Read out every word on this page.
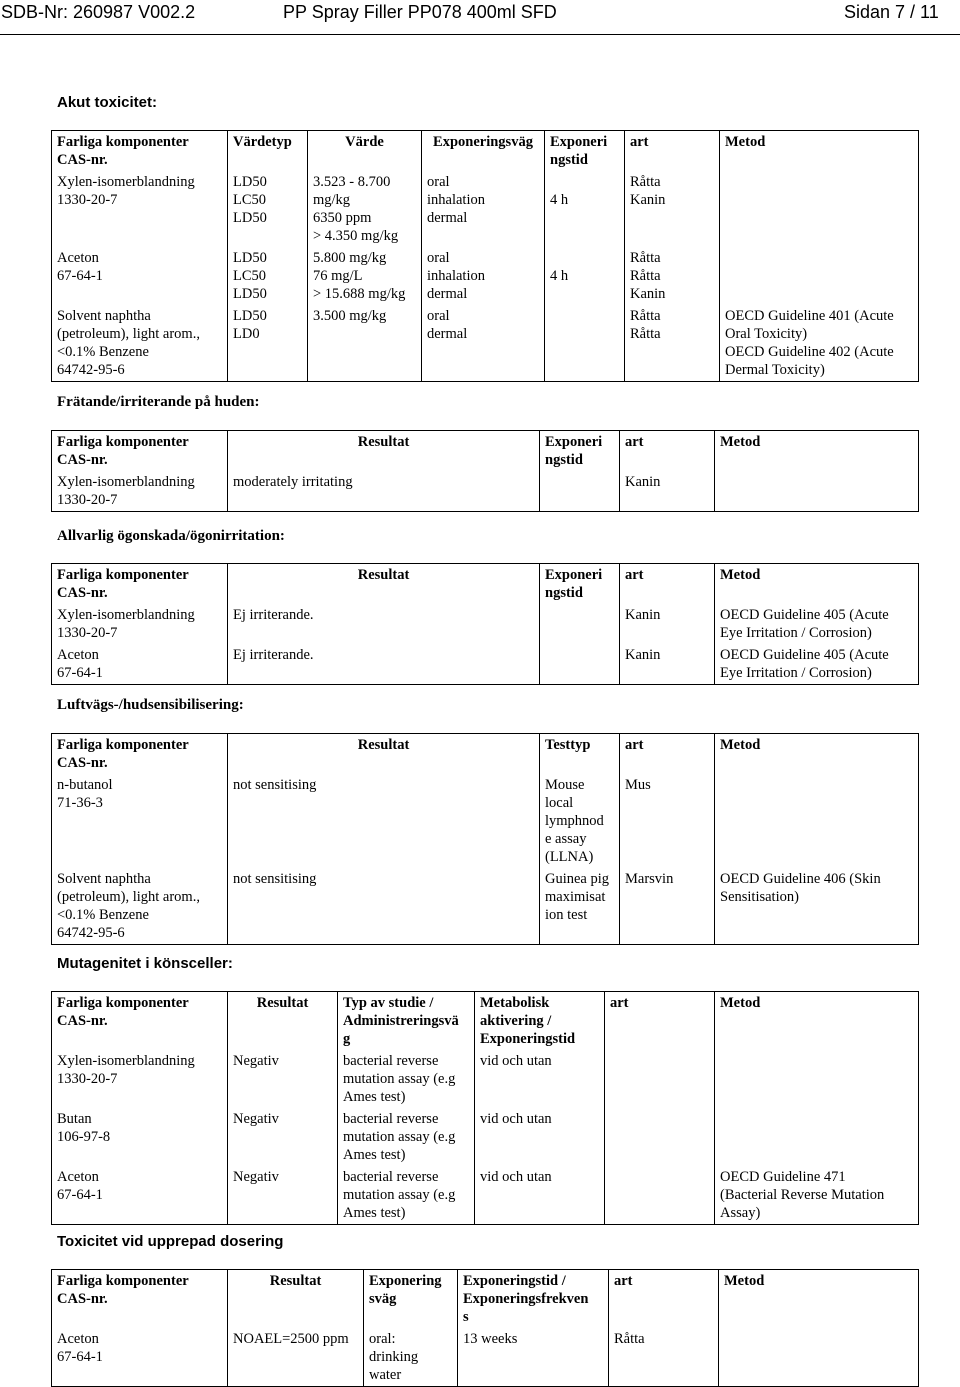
SDB-Nr: 260987 V002.2	PP Spray Filler PP078 400ml SFD	Sidan 7 / 11
Akut toxicitet:
Farliga komponenter
CAS-nr.	Värdetyp	Värde	Exponeringsväg	Exponeri
ngstid	art	Metod
Xylen-isomerblandning
1330-20-7	LD50
LC50
LD50	3.523 - 8.700
mg/kg
6350 ppm
> 4.350 mg/kg	oral
inhalation
dermal	
4 h	Råtta
Kanin	
Aceton
67-64-1	LD50
LC50
LD50	5.800 mg/kg
76 mg/L
> 15.688 mg/kg	oral
inhalation
dermal	
4 h	Råtta
Råtta
Kanin	
Solvent naphtha
(petroleum), light arom.,
<0.1% Benzene
64742-95-6	LD50
LD0	3.500 mg/kg	oral
dermal		Råtta
Råtta	OECD Guideline 401 (Acute
Oral Toxicity)
OECD Guideline 402 (Acute
Dermal Toxicity)
Frätande/irriterande på huden:
Farliga komponenter
CAS-nr.	Resultat	Exponeri
ngstid	art	Metod
Xylen-isomerblandning
1330-20-7	moderately irritating		Kanin	
Allvarlig ögonskada/ögonirritation:
Farliga komponenter
CAS-nr.	Resultat	Exponeri
ngstid	art	Metod
Xylen-isomerblandning
1330-20-7	Ej irriterande.		Kanin	OECD Guideline 405 (Acute
Eye Irritation / Corrosion)
Aceton
67-64-1	Ej irriterande.		Kanin	OECD Guideline 405 (Acute
Eye Irritation / Corrosion)
Luftvägs-/hudsensibilisering:
Farliga komponenter
CAS-nr.	Resultat	Testtyp	art	Metod
n-butanol
71-36-3	not sensitising	Mouse
local
lymphnod
e assay
(LLNA)	Mus	
Solvent naphtha
(petroleum), light arom.,
<0.1% Benzene
64742-95-6	not sensitising	Guinea pig
maximisat
ion test	Marsvin	OECD Guideline 406 (Skin
Sensitisation)
Mutagenitet i könsceller:
Farliga komponenter
CAS-nr.	Resultat	Typ av studie /
Administreringsvä
g	Metabolisk
aktivering /
Exponeringstid	art	Metod
Xylen-isomerblandning
1330-20-7	Negativ	bacterial reverse
mutation assay (e.g
Ames test)	vid och utan		
Butan
106-97-8	Negativ	bacterial reverse
mutation assay (e.g
Ames test)	vid och utan		
Aceton
67-64-1	Negativ	bacterial reverse
mutation assay (e.g
Ames test)	vid och utan		OECD Guideline 471
(Bacterial Reverse Mutation
Assay)
Toxicitet vid upprepad dosering
Farliga komponenter
CAS-nr.	Resultat	Exponering
sväg	Exponeringstid /
Exponeringsfrekven
s	art	Metod
Aceton
67-64-1	NOAEL=2500 ppm	oral:
drinking
water	13 weeks	Råtta	
